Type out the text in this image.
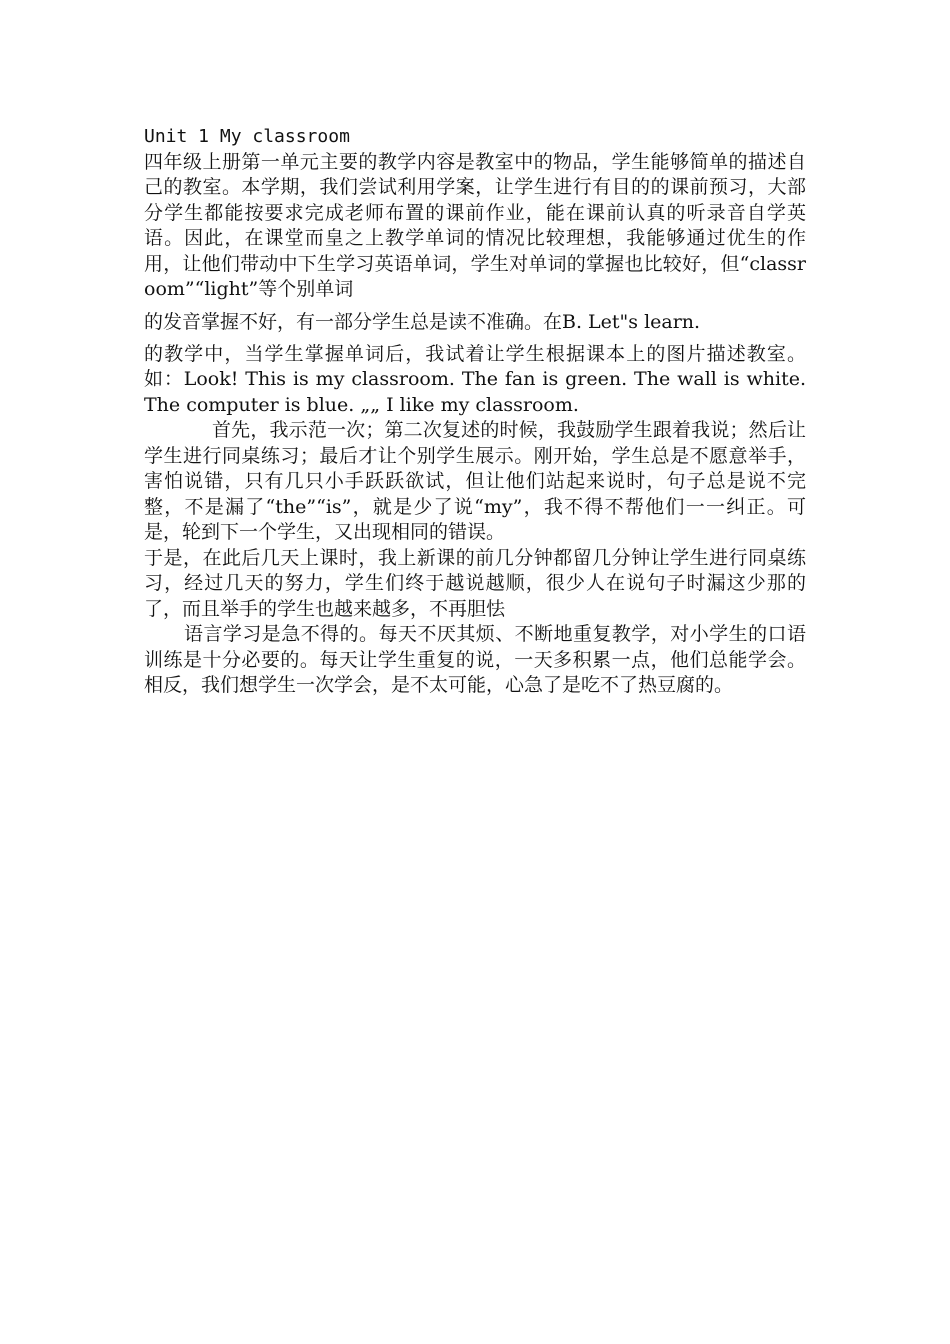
Unit 1 My classroom

四年级上册第一单元主要的教学内容是教室中的物品，学生能够简单的描述自己的教室。本学期，我们尝试利用学案，让学生进行有目的的课前预习，大部分学生都能按要求完成老师布置的课前作业，能在课前认真的听录音自学英语。因此，在课堂而皇之上教学单词的情况比较理想，我能够通过优生的作用，让他们带动中下生学习英语单词，学生对单词的掌握也比较好，但“classroom”“light”等个别单词

的发音掌握不好，有一部分学生总是读不准确。在B. Let"s learn.

的教学中，当学生掌握单词后，我试着让学生根据课本上的图片描述教室。如：Look! This is my classroom. The fan is green. The wall is white. The computer is blue. „„ I like my classroom.

首先，我示范一次；第二次复述的时候，我鼓励学生跟着我说；然后让学生进行同桌练习；最后才让个别学生展示。刚开始，学生总是不愿意举手，害怕说错，只有几只小手跃跃欲试，但让他们站起来说时，句子总是说不完整，不是漏了“the”“is”，就是少了说“my”，我不得不帮他们一一纠正。可是，轮到下一个学生，又出现相同的错误。

于是，在此后几天上课时，我上新课的前几分钟都留几分钟让学生进行同桌练习，经过几天的努力，学生们终于越说越顺，很少人在说句子时漏这少那的了，而且举手的学生也越来越多，不再胆怯

语言学习是急不得的。每天不厌其烦、不断地重复教学，对小学生的口语训练是十分必要的。每天让学生重复的说，一天多积累一点，他们总能学会。相反，我们想学生一次学会，是不太可能，心急了是吃不了热豆腐的。
